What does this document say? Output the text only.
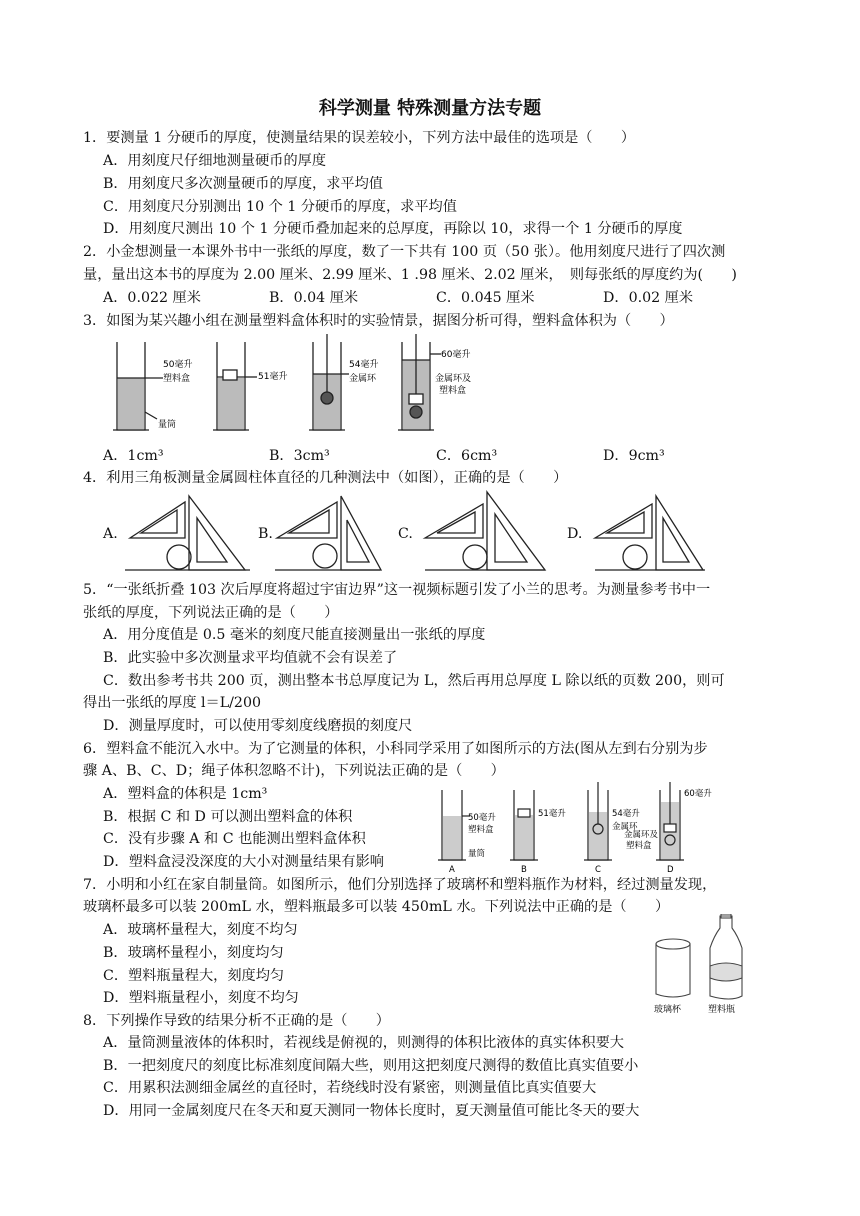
科学测量 特殊测量方法专题
1．要测量 1 分硬币的厚度，使测量结果的误差较小，下列方法中最佳的选项是（　　）
A．用刻度尺仔细地测量硬币的厚度
B．用刻度尺多次测量硬币的厚度，求平均值
C．用刻度尺分别测出 10 个 1 分硬币的厚度，求平均值
D．用刻度尺测出 10 个 1 分硬币叠加起来的总厚度，再除以 10，求得一个 1 分硬币的厚度
2．小金想测量一本课外书中一张纸的厚度，数了一下共有 100 页（50 张）。他用刻度尺进行了四次测
量，量出这本书的厚度为 2.00 厘米、2.99 厘米、1 .98 厘米、2.02 厘米，　则每张纸的厚度约为(　　)
A．0.022 厘米	B．0.04 厘米	C．0.045 厘米	D．0.02 厘米
3．如图为某兴趣小组在测量塑料盒体积时的实验情景，据图分析可得，塑料盒体积为（　　）
50毫升
塑料盒
量筒
51毫升
54毫升
金属环
60毫升
金属环及
塑料盒
A．1cm³	B．3cm³	C．6cm³	D．9cm³
4．利用三角板测量金属圆柱体直径的几种测法中（如图），正确的是（　　）
A.	B.	C.	D.
5．“一张纸折叠 103 次后厚度将超过宇宙边界”这一视频标题引发了小兰的思考。为测量参考书中一
张纸的厚度，下列说法正确的是（　　）
A．用分度值是 0.5 毫米的刻度尺能直接测量出一张纸的厚度
B．此实验中多次测量求平均值就不会有误差了
C．数出参考书共 200 页，测出整本书总厚度记为 L，然后再用总厚度 L 除以纸的页数 200，则可
得出一张纸的厚度 l＝L/200
D．测量厚度时，可以使用零刻度线磨损的刻度尺
6．塑料盒不能沉入水中。为了它测量的体积，小科同学采用了如图所示的方法(图从左到右分别为步
骤 A、B、C、D；绳子体积忽略不计)，下列说法正确的是（　　）
A．塑料盒的体积是 1cm³
B．根据 C 和 D 可以测出塑料盒的体积
C．没有步骤 A 和 C 也能测出塑料盒体积
D．塑料盒浸没深度的大小对测量结果有影响
50毫升
塑料盒
量筒
51毫升	54毫升
金属环
60毫升
金属环及
塑料盒
A	B	C	D
7．小明和小红在家自制量筒。如图所示，他们分别选择了玻璃杯和塑料瓶作为材料，经过测量发现，
玻璃杯最多可以装 200mL 水，塑料瓶最多可以装 450mL 水。下列说法中正确的是（　　）
A．玻璃杯量程大，刻度不均匀
B．玻璃杯量程小，刻度均匀
C．塑料瓶量程大，刻度均匀
D．塑料瓶量程小，刻度不均匀
玻璃杯	塑料瓶
8．下列操作导致的结果分析不正确的是（　　）
A．量筒测量液体的体积时，若视线是俯视的，则测得的体积比液体的真实体积要大
B．一把刻度尺的刻度比标准刻度间隔大些，则用这把刻度尺测得的数值比真实值要小
C．用累积法测细金属丝的直径时，若绕线时没有紧密，则测量值比真实值要大
D．用同一金属刻度尺在冬天和夏天测同一物体长度时，夏天测量值可能比冬天的要大
